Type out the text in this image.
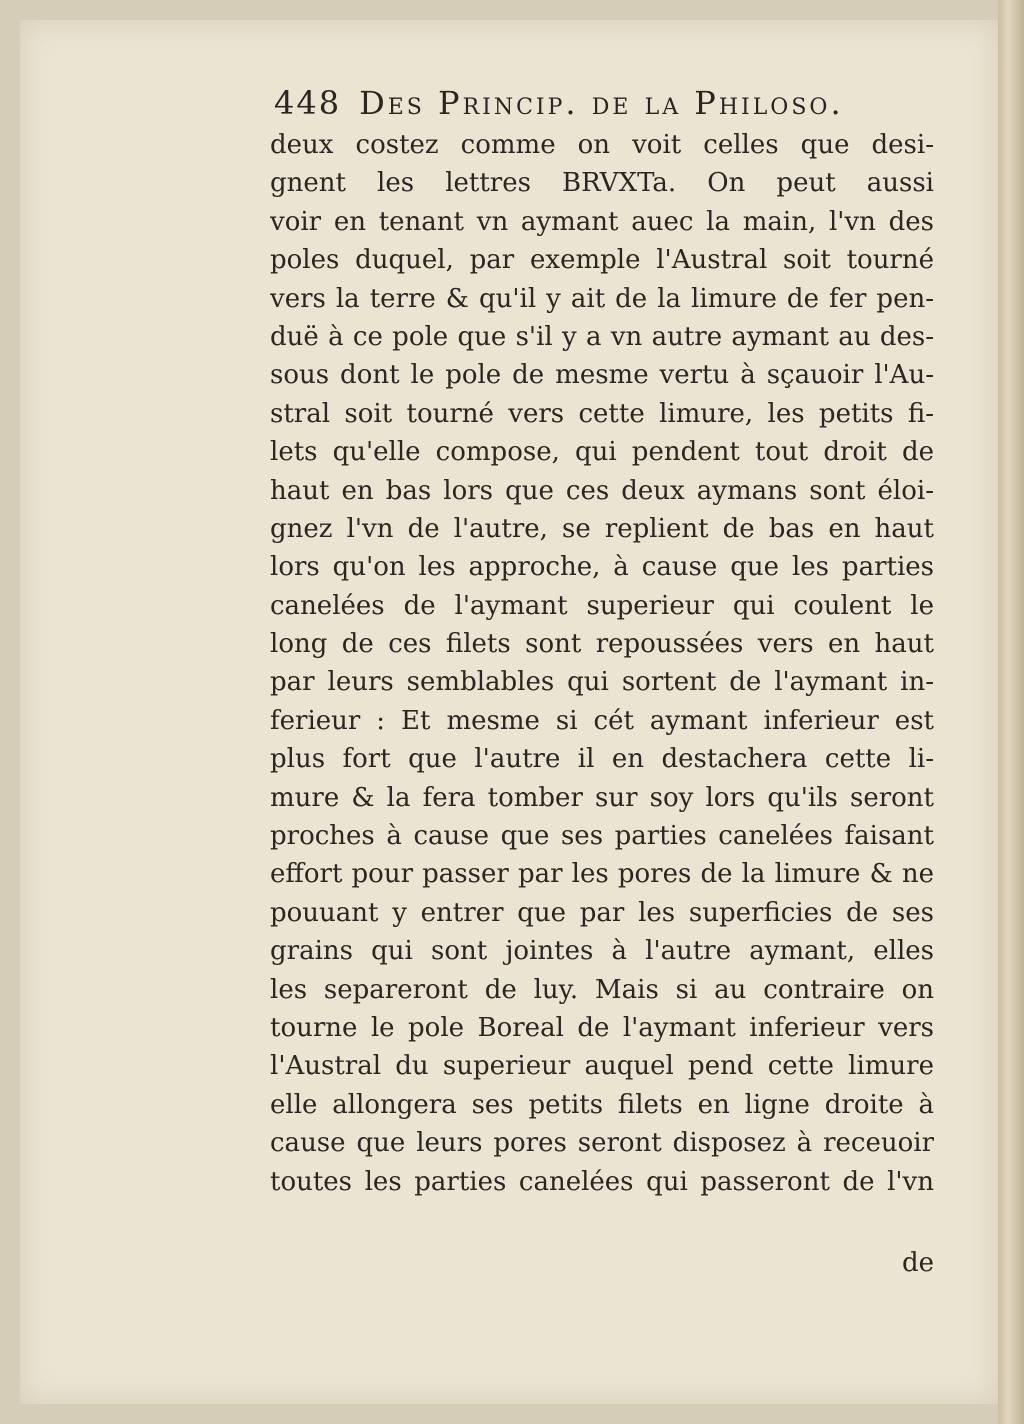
448 Des Princip. de la Philoso.
deux costez comme on voit celles que desi-
gnent les lettres BRVXTa. On peut aussi
voir en tenant vn aymant auec la main, l'vn des
poles duquel, par exemple l'Austral soit tourné
vers la terre & qu'il y ait de la limure de fer pen-
duë à ce pole que s'il y a vn autre aymant au des-
sous dont le pole de mesme vertu à sçauoir l'Au-
stral soit tourné vers cette limure, les petits fi-
lets qu'elle compose, qui pendent tout droit de
haut en bas lors que ces deux aymans sont éloi-
gnez l'vn de l'autre, se replient de bas en haut
lors qu'on les approche, à cause que les parties
canelées de l'aymant superieur qui coulent le
long de ces filets sont repoussées vers en haut
par leurs semblables qui sortent de l'aymant in-
ferieur : Et mesme si cét aymant inferieur est
plus fort que l'autre il en destachera cette li-
mure & la fera tomber sur soy lors qu'ils seront
proches à cause que ses parties canelées faisant
effort pour passer par les pores de la limure & ne
pouuant y entrer que par les superficies de ses
grains qui sont jointes à l'autre aymant, elles
les separeront de luy. Mais si au contraire on
tourne le pole Boreal de l'aymant inferieur vers
l'Austral du superieur auquel pend cette limure
elle allongera ses petits filets en ligne droite à
cause que leurs pores seront disposez à receuoir
toutes les parties canelées qui passeront de l'vn
de
